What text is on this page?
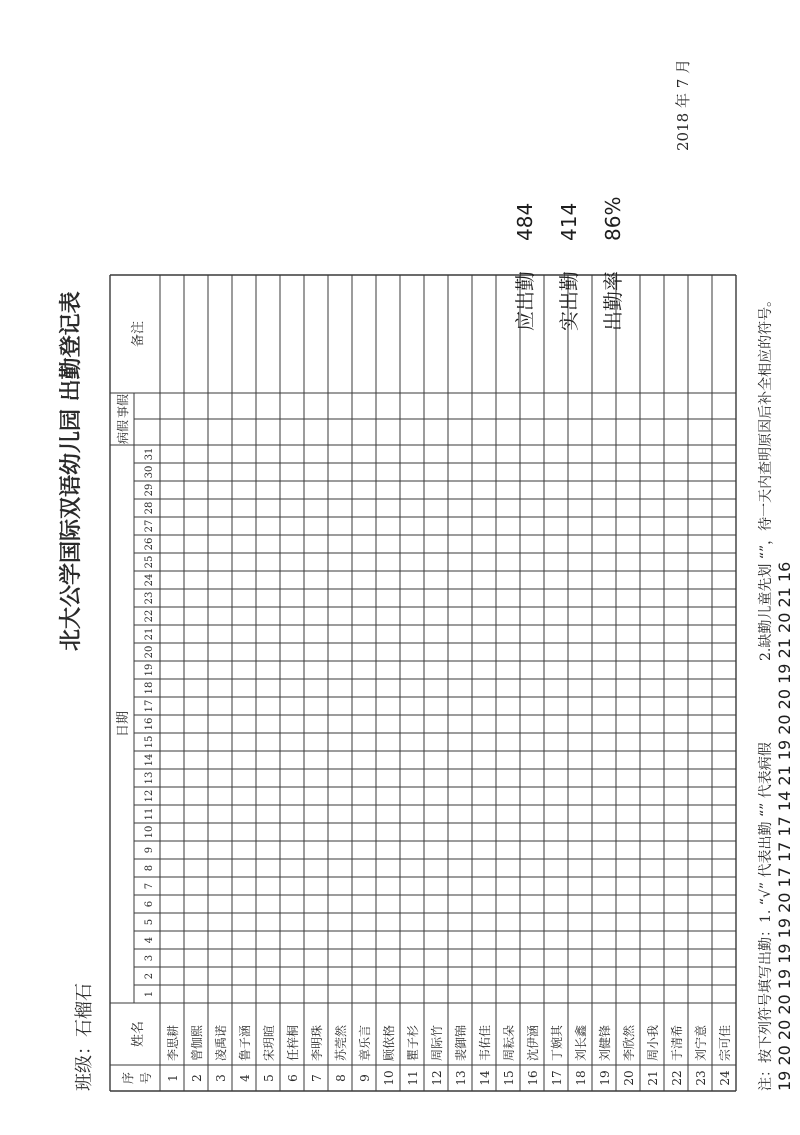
北大公学国际双语幼儿园 出勤登记表
班级：石榴石
2018 年 7 月
序 号
姓名
日期
病假
事假
备注
1
2
3
4
5
6
7
8
9
10
11
12
13
14
15
16
17
18
19
20
21
22
23
24
25
26
27
28
29
30
31
1
李思耕
2
曾伽熙
3
凌禹诺
4
鲁子涵
5
宋玥暄
6
任梓桐
7
李明珠
8
苏莞然
9
章乐言
10
顾依格
11
瞿子杉
12
周际竹
13
裴御锦
14
韦佑佳
15
周耘朵
16
沈伊涵
17
丁婉其
18
刘长鑫
19
刘健锋
20
李欣然
21
周小我
22
于清希
23
刘宁意
24
宗可佳 注：按下列符号填写出勤：1. “√” 代表出勤 “” 代表病假
2.缺勤儿童先划 “”，待一天内查明原因后补全相应的符号。
19 20 20 20 19 19 19 20 17 17 17 14 21 19 20 20 19 21 20 21 16
应出勤
484
实出勤
414
出勤率
86%
